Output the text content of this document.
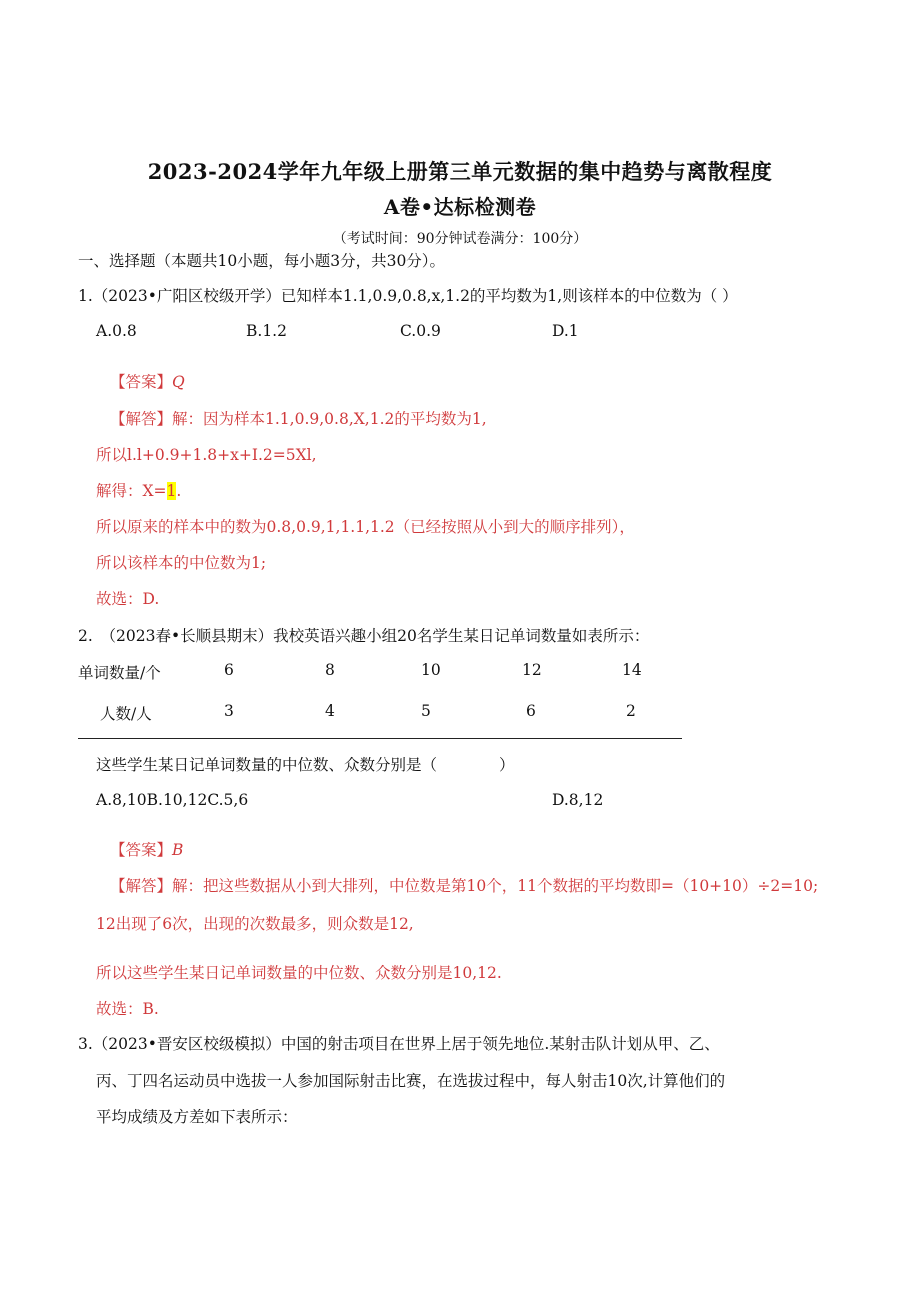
2023-2024学年九年级上册第三单元数据的集中趋势与离散程度
A卷•达标检测卷
（考试时间：90分钟试卷满分：100分）
一、选择题（本题共10小题，每小题3分，共30分）。
1.（2023•广阳区校级开学）已知样本1.1,0.9,0.8,x,1.2的平均数为1,则该样本的中位数为（ ）
A.0.8	B.1.2	C.0.9	D.1
【答案】Q
【解答】解：因为样本1.1,0.9,0.8,X,1.2的平均数为1,
所以l.l+0.9+1.8+x+I.2=5Xl,
解得：X=1.
所以原来的样本中的数为0.8,0.9,1,1.1,1.2（已经按照从小到大的顺序排列），
所以该样本的中位数为1;
故选：D.
2.　（2023春•长顺县期末）我校英语兴趣小组20名学生某日记单词数量如表所示：
单词数量/个	6	8	10	12	14
人数/人	3	4	5	6	2
这些学生某日记单词数量的中位数、众数分别是（　　　　）
A.8,10B.10,12C.5,6	D.8,12
【答案】B
【解答】解：把这些数据从小到大排列，中位数是第10个，11个数据的平均数即=（10+10）÷2=10;
12出现了6次，出现的次数最多，则众数是12,
所以这些学生某日记单词数量的中位数、众数分别是10,12.
故选：B.
3.（2023•晋安区校级模拟）中国的射击项目在世界上居于领先地位.某射击队计划从甲、乙、
丙、丁四名运动员中选拔一人参加国际射击比赛，在选拔过程中，每人射击10次,计算他们的
平均成绩及方差如下表所示：
